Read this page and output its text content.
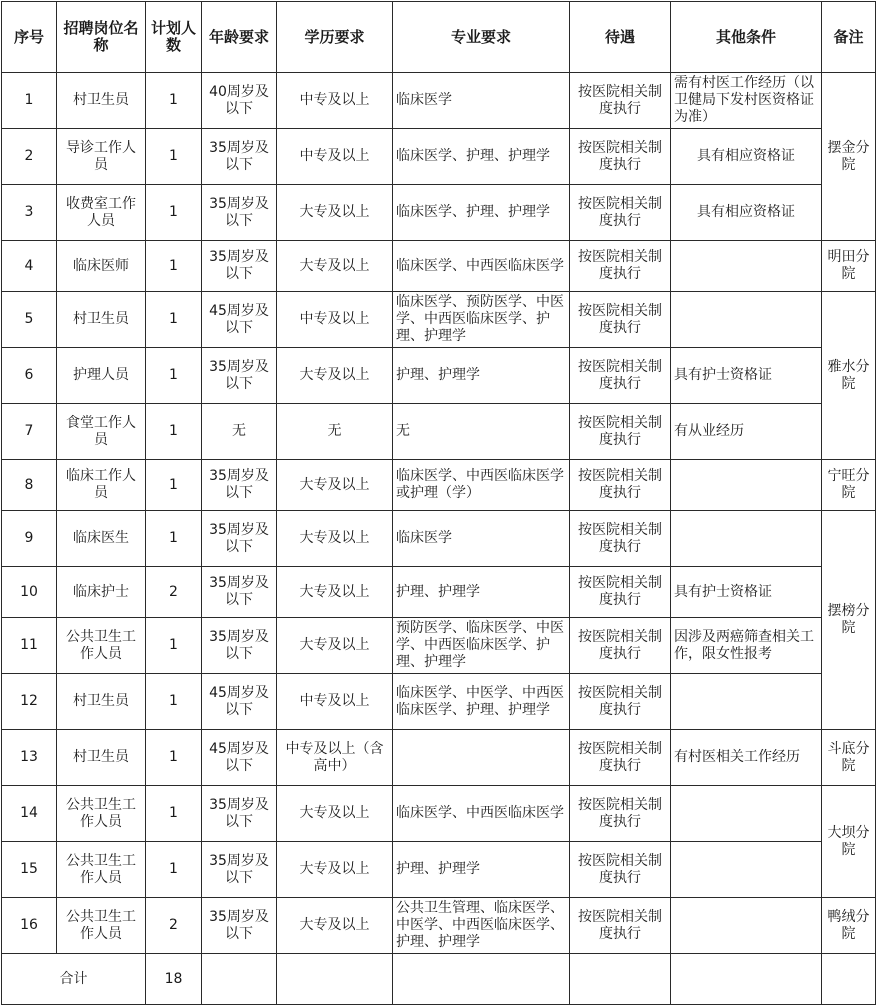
序号	招聘岗位名称	计划人数	年龄要求	学历要求	专业要求	待遇	其他条件	备注
1	村卫生员	1	40周岁及以下	中专及以上	临床医学	按医院相关制度执行	需有村医工作经历（以卫健局下发村医资格证为准）	摆金分院
2	导诊工作人员	1	35周岁及以下	中专及以上	临床医学、护理、护理学	按医院相关制度执行	具有相应资格证	
3	收费室工作人员	1	35周岁及以下	大专及以上	临床医学、护理、护理学	按医院相关制度执行	具有相应资格证	
4	临床医师	1	35周岁及以下	大专及以上	临床医学、中西医临床医学	按医院相关制度执行		明田分院
5	村卫生员	1	45周岁及以下	中专及以上	临床医学、预防医学、中医学、中西医临床医学、护理、护理学	按医院相关制度执行		雅水分院
6	护理人员	1	35周岁及以下	大专及以上	护理、护理学	按医院相关制度执行	具有护士资格证	
7	食堂工作人员	1	无	无	无	按医院相关制度执行	有从业经历	
8	临床工作人员	1	35周岁及以下	大专及以上	临床医学、中西医临床医学或护理（学）	按医院相关制度执行		宁旺分院
9	临床医生	1	35周岁及以下	大专及以上	临床医学	按医院相关制度执行		摆榜分院
10	临床护士	2	35周岁及以下	大专及以上	护理、护理学	按医院相关制度执行	具有护士资格证	
11	公共卫生工作人员	1	35周岁及以下	大专及以上	预防医学、临床医学、中医学、中西医临床医学、护理、护理学	按医院相关制度执行	因涉及两癌筛查相关工作，限女性报考	
12	村卫生员	1	45周岁及以下	中专及以上	临床医学、中医学、中西医临床医学、护理、护理学	按医院相关制度执行		
13	村卫生员	1	45周岁及以下	中专及以上（含高中）		按医院相关制度执行	有村医相关工作经历	斗底分院
14	公共卫生工作人员	1	35周岁及以下	大专及以上	临床医学、中西医临床医学	按医院相关制度执行		大坝分院
15	公共卫生工作人员	1	35周岁及以下	大专及以上	护理、护理学	按医院相关制度执行		
16	公共卫生工作人员	2	35周岁及以下	大专及以上	公共卫生管理、临床医学、中医学、中西医临床医学、护理、护理学	按医院相关制度执行		鸭绒分院
合计		18						
